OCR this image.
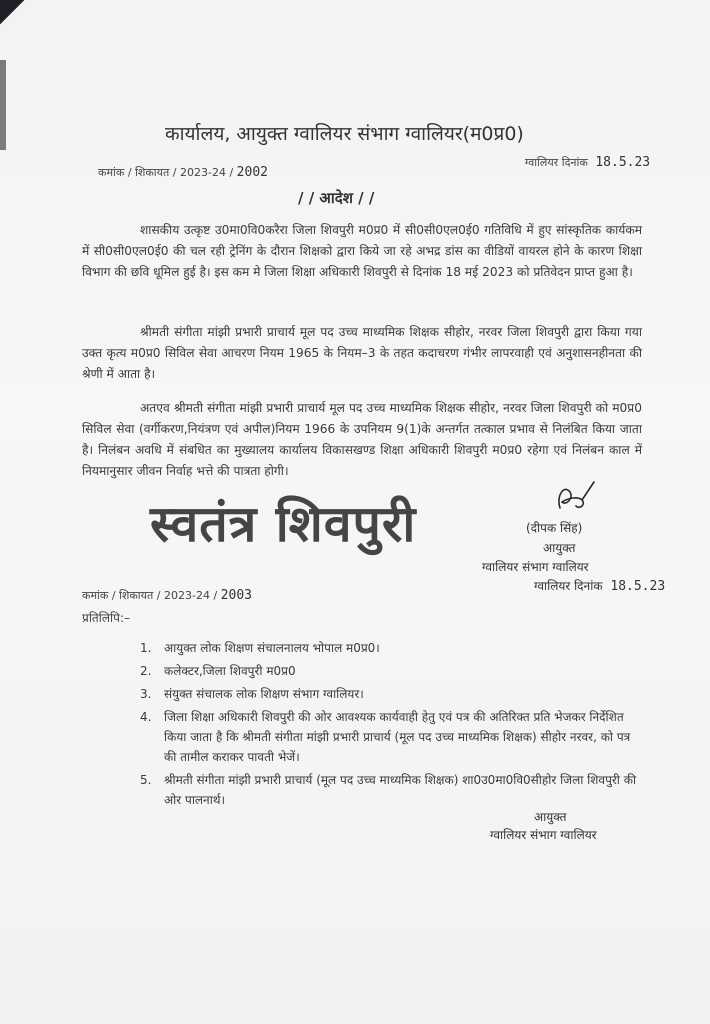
कार्यालय, आयुक्त ग्वालियर संभाग ग्वालियर(म0प्र0)
कमांक / शिकायत / 2023-24 / 2002
ग्वालियर दिनांक 18.5.23
/ / आदेश / /

शासकीय उत्कृष्ट उ0मा0वि0करैरा जिला शिवपुरी म0प्र0 में सी0सी0एल0ई0 गतिविधि में हुए सांस्कृतिक कार्यकम में सी0सी0एल0ई0 की चल रही ट्रेनिंग के दौरान शिक्षको द्वारा किये जा रहे अभद्र डांस का वीडियों वायरल होने के कारण शिक्षा विभाग की छवि धूमिल हुई है। इस कम मे जिला शिक्षा अधिकारी शिवपुरी से दिनांक 18 मई 2023 को प्रतिवेदन प्राप्त हुआ है।

श्रीमती संगीता मांझी प्रभारी प्राचार्य मूल पद उच्च माध्यमिक शिक्षक सीहोर, नरवर जिला शिवपुरी द्वारा किया गया उक्त कृत्य म0प्र0 सिविल सेवा आचरण नियम 1965 के नियम–3 के तहत कदाचरण गंभीर लापरवाही एवं अनुशासनहीनता की श्रेणी में आता है।

अतएव श्रीमती संगीता मांझी प्रभारी प्राचार्य मूल पद उच्च माध्यमिक शिक्षक सीहोर, नरवर जिला शिवपुरी को म0प्र0 सिविल सेवा (वर्गीकरण,नियंत्रण एवं अपील)नियम 1966 के उपनियम 9(1)के अन्तर्गत तत्काल प्रभाव से निलंबित किया जाता है। निलंबन अवधि में संबधित का मुख्यालय कार्यालय विकासखण्ड शिक्षा अधिकारी शिवपुरी म0प्र0 रहेगा एवं निलंबन काल में नियमानुसार जीवन निर्वाह भत्ते की पात्रता होगी।

(दीपक सिंह)
आयुक्त
ग्वालियर संभाग ग्वालियर
ग्वालियर दिनांक 18.5.23
स्वतंत्र शिवपुरी
कमांक / शिकायत / 2023-24 / 2003
प्रतिलिपि:–
1. आयुक्त लोक शिक्षण संचालनालय भोपाल म0प्र0।
2. कलेक्टर,जिला शिवपुरी म0प्र0
3. संयुक्त संचालक लोक शिक्षण संभाग ग्वालियर।
4. जिला शिक्षा अधिकारी शिवपुरी की ओर आवश्यक कार्यवाही हेतु एवं पत्र की अतिरिक्त प्रति भेजकर निर्देशित किया जाता है कि श्रीमती संगीता मांझी प्रभारी प्राचार्य (मूल पद उच्च माध्यमिक शिक्षक) सीहोर नरवर, को पत्र की तामील कराकर पावती भेजें।
5. श्रीमती संगीता मांझी प्रभारी प्राचार्य (मूल पद उच्च माध्यमिक शिक्षक) शा0उ0मा0वि0सीहोर जिला शिवपुरी की ओर पालनार्थ।
आयुक्त
ग्वालियर संभाग ग्वालियर
